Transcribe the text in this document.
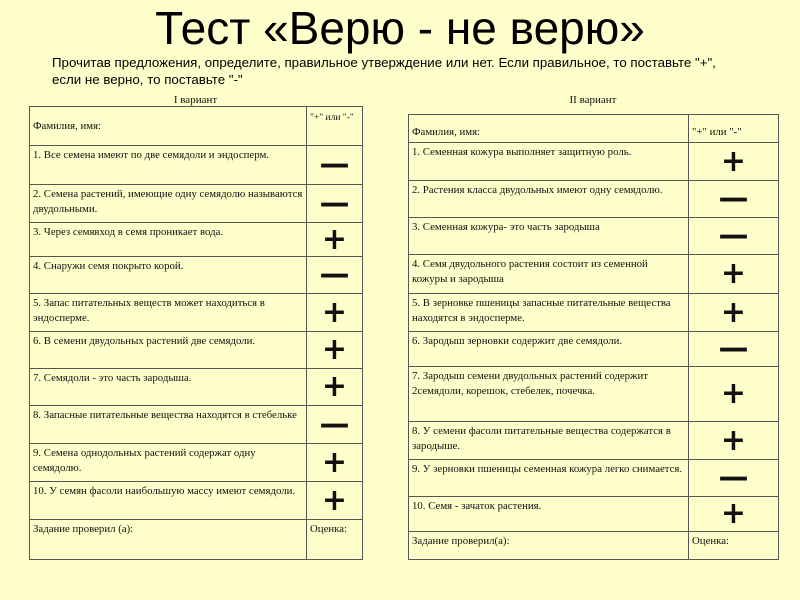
Тест «Верю - не верю»
Прочитав предложения, определите, правильное утверждение или нет. Если правильное, то поставьте "+", если не верно, то поставьте "-"
I вариант	II вариант
Фамилия, имя:	"+" или "-"
1. Все семена имеют по две семядоли и эндосперм.	—
2. Семена растений, имеющие одну семядолю называются двудольными.	—
3. Через семявход в семя проникает вода.	+
4. Снаружи семя покрыто корой.	—
5. Запас питательных веществ может находиться в эндосперме.	+
6. В семени двудольных растений две семядоли.	+
7. Семядоли - это часть зародыша.	+
8. Запасные питательные вещества находятся в стебельке	—
9. Семена однодольных растений содержат одну семядолю.	+
10. У семян фасоли наибольшую массу имеют семядоли.	+
Задание проверил (а):	Оценка:
Фамилия, имя:	"+" или "-"
1. Семенная кожура выполняет защитную роль.	+
2. Растения класса двудольных имеют одну семядолю.	—
3. Семенная кожура- это часть зародыша	—
4. Семя двудольного растения состоит из семенной кожуры и зародыша	+
5. В зерновке пшеницы запасные питательные вещества находятся в эндосперме.	+
6. Зародыш зерновки содержит две семядоли.	—
7. Зародыш семени двудольных растений содержит 2семядоли, корешок, стебелек, почечка.	+
8. У семени фасоли питательные вещества содержатся в зародыше.	+
9. У зерновки пшеницы семенная кожура легко снимается.	—
10. Семя - зачаток растения.	+
Задание проверил(а):	Оценка:
